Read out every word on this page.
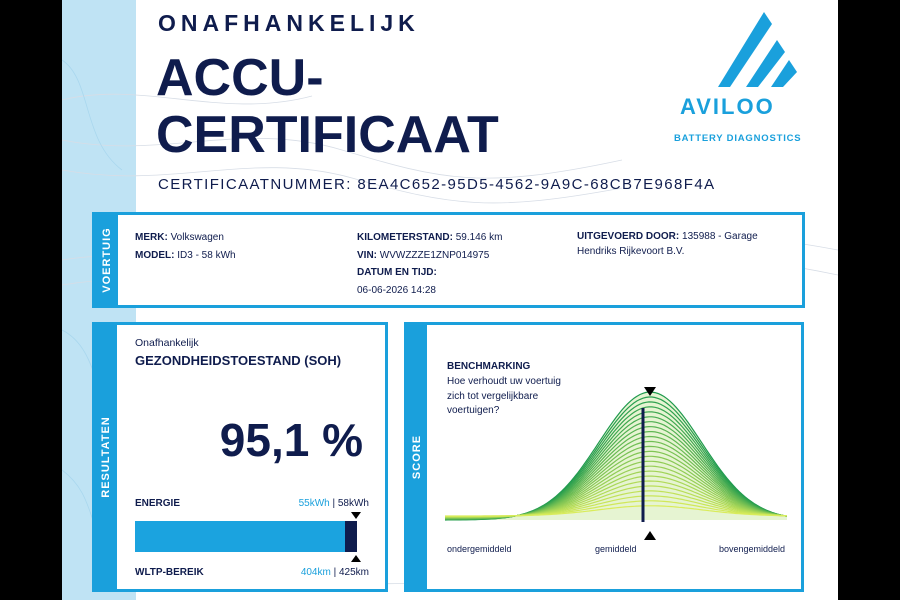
ONAFHANKELIJK
ACCU-
CERTIFICAAT
CERTIFICAATNUMMER: 8EA4C652-95D5-4562-9A9C-68CB7E968F4A
AVILOO
BATTERY DIAGNOSTICS
VOERTUIG MERK: Volkswagen
MODEL: ID3 - 58 kWh
KILOMETERSTAND: 59.146 km
VIN: WVWZZZE1ZNP014975
DATUM EN TIJD:
06-06-2026 14:28
UITGEVOERD DOOR: 135988 - Garage
Hendriks Rijkevoort B.V.
RESULTATEN
Onafhankelijk
GEZONDHEIDSTOESTAND (SOH)
95,1 %
ENERGIE	55kWh | 58kWh
WLTP-BEREIK	404km | 425km
SCORE
BENCHMARKING
Hoe verhoudt uw voertuig zich tot vergelijkbare voertuigen?
ondergemiddeld	gemiddeld	bovengemiddeld
